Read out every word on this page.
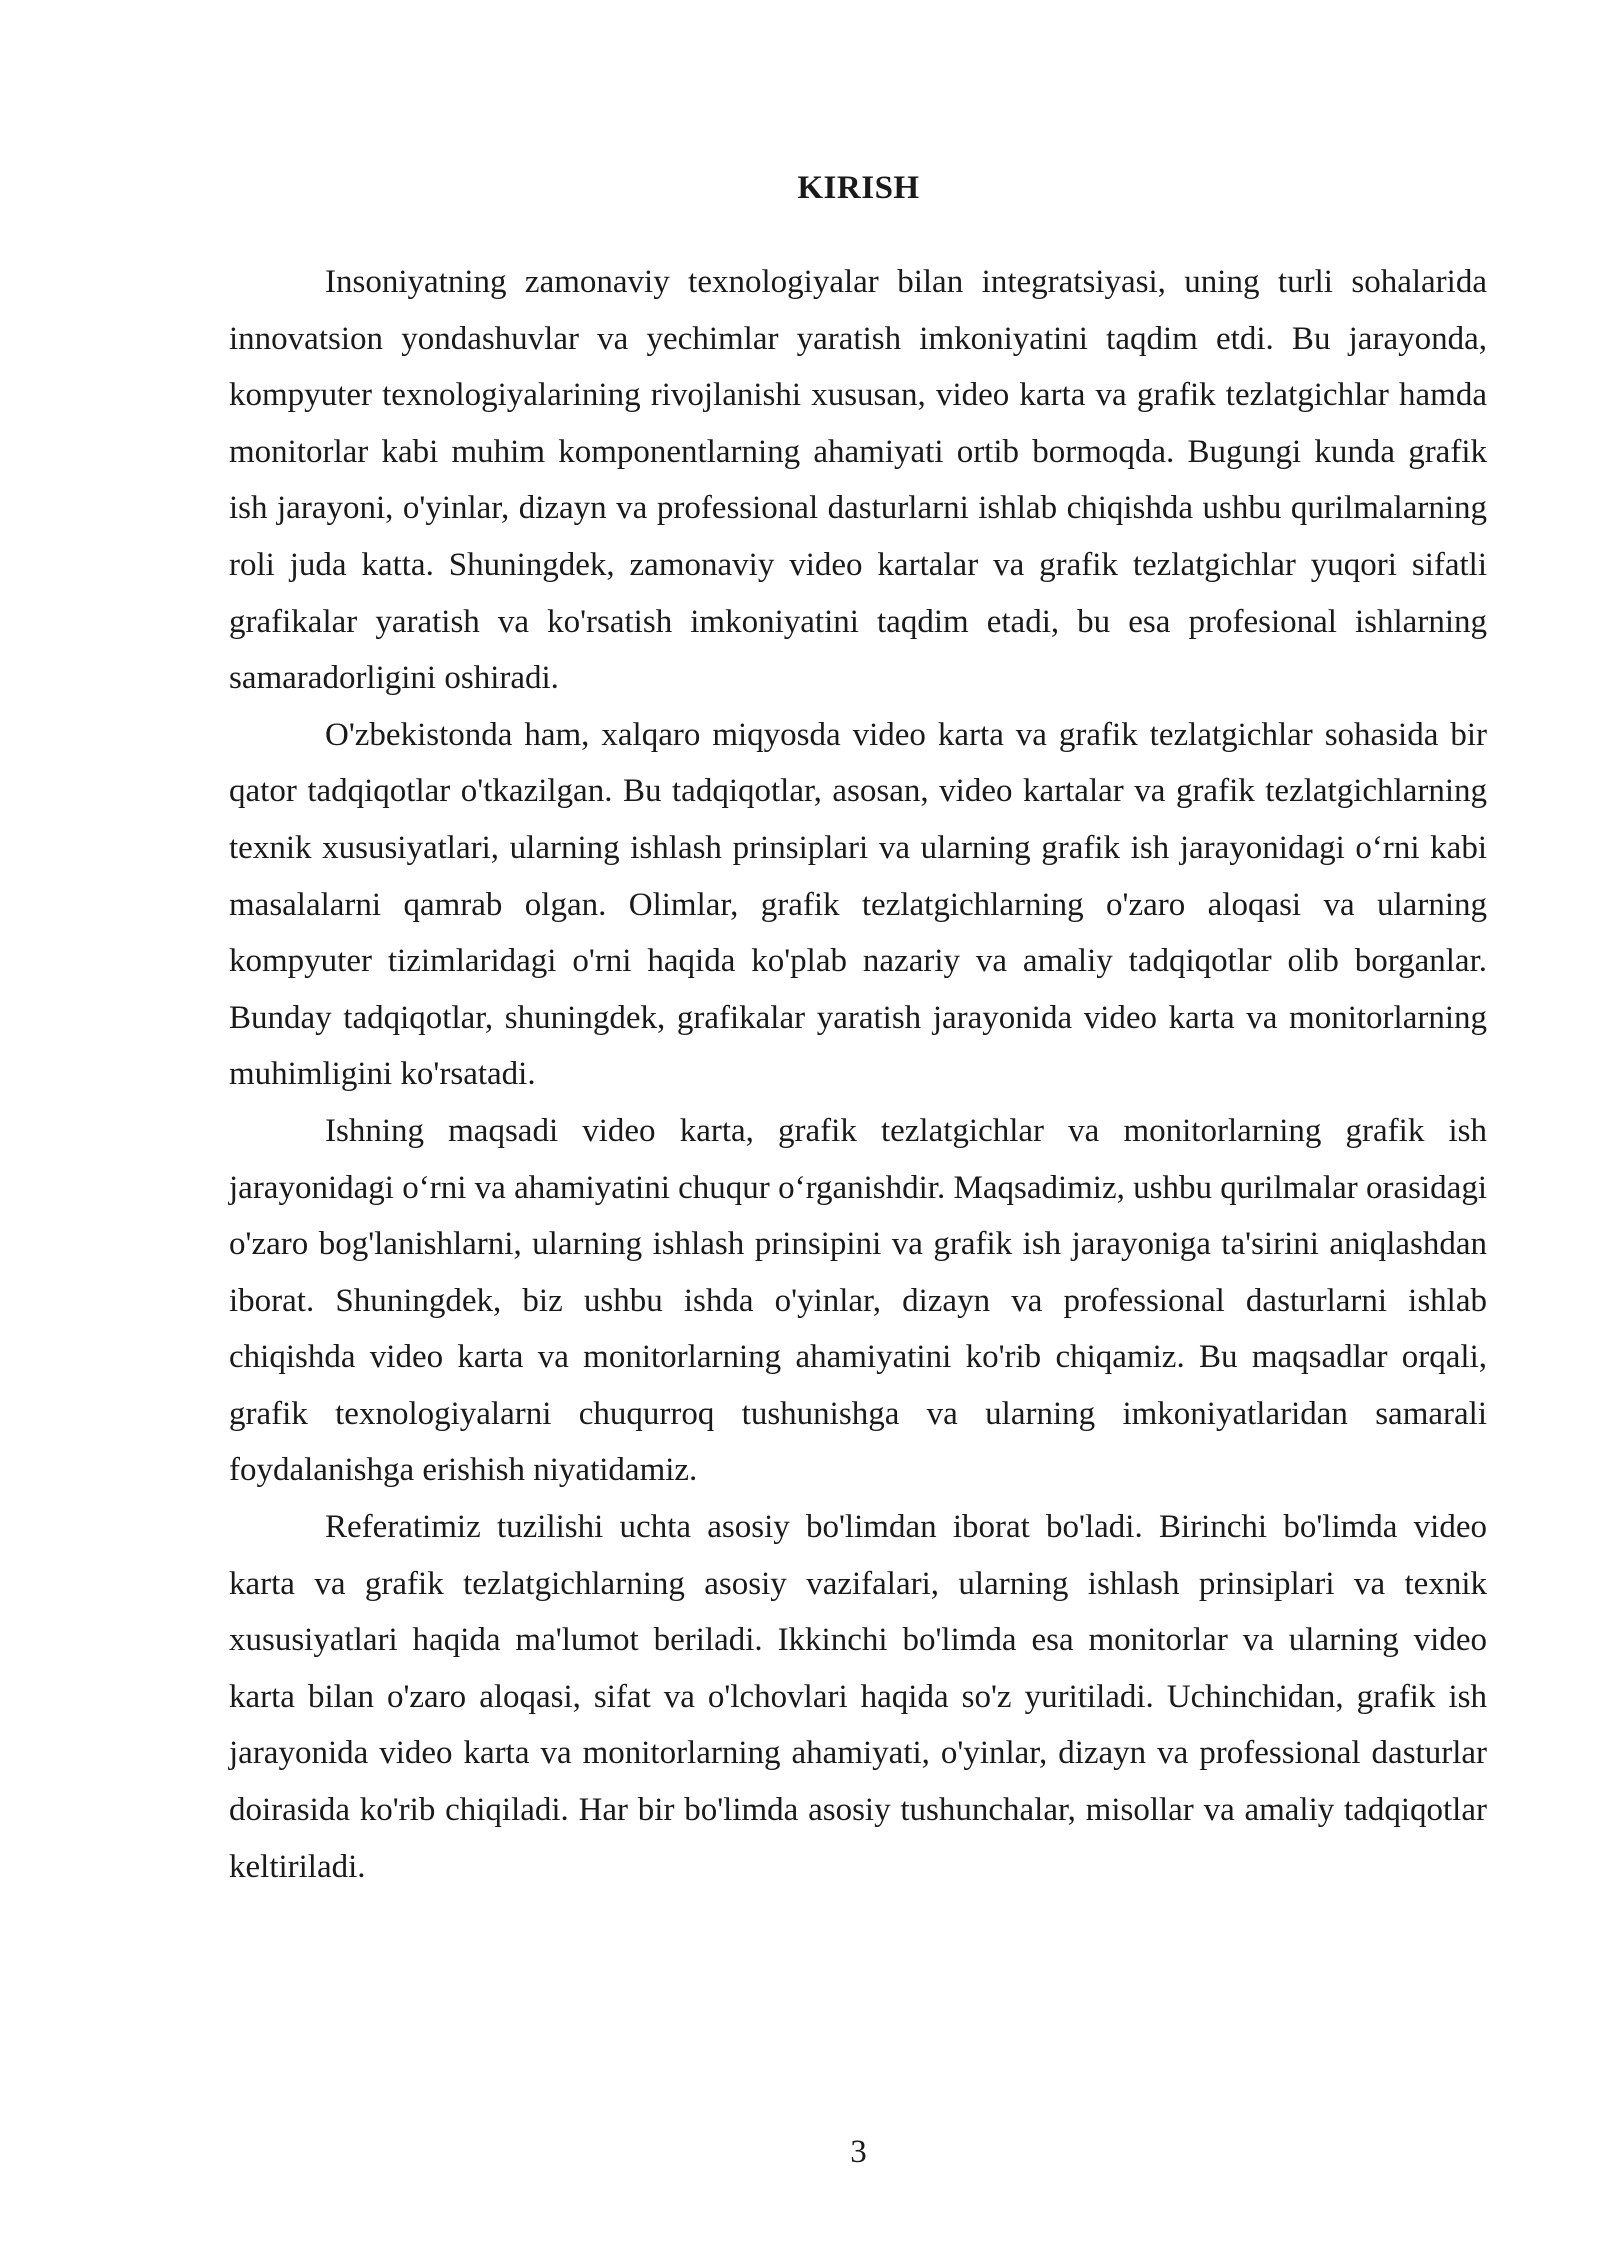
KIRISH

Insoniyatning zamonaviy texnologiyalar bilan integratsiyasi, uning turli sohalarida innovatsion yondashuvlar va yechimlar yaratish imkoniyatini taqdim etdi. Bu jarayonda, kompyuter texnologiyalarining rivojlanishi xususan, video karta va grafik tezlatgichlar hamda monitorlar kabi muhim komponentlarning ahamiyati ortib bormoqda. Bugungi kunda grafik ish jarayoni, o'yinlar, dizayn va professional dasturlarni ishlab chiqishda ushbu qurilmalarning roli juda katta. Shuningdek, zamonaviy video kartalar va grafik tezlatgichlar yuqori sifatli grafikalar yaratish va ko'rsatish imkoniyatini taqdim etadi, bu esa profesional ishlarning samaradorligini oshiradi.

O'zbekistonda ham, xalqaro miqyosda video karta va grafik tezlatgichlar sohasida bir qator tadqiqotlar o'tkazilgan. Bu tadqiqotlar, asosan, video kartalar va grafik tezlatgichlarning texnik xususiyatlari, ularning ishlash prinsiplari va ularning grafik ish jarayonidagi o‘rni kabi masalalarni qamrab olgan. Olimlar, grafik tezlatgichlarning o'zaro aloqasi va ularning kompyuter tizimlaridagi o'rni haqida ko'plab nazariy va amaliy tadqiqotlar olib borganlar. Bunday tadqiqotlar, shuningdek, grafikalar yaratish jarayonida video karta va monitorlarning muhimligini ko'rsatadi.

Ishning maqsadi video karta, grafik tezlatgichlar va monitorlarning grafik ish jarayonidagi o‘rni va ahamiyatini chuqur o‘rganishdir. Maqsadimiz, ushbu qurilmalar orasidagi o'zaro bog'lanishlarni, ularning ishlash prinsipini va grafik ish jarayoniga ta'sirini aniqlashdan iborat. Shuningdek, biz ushbu ishda o'yinlar, dizayn va professional dasturlarni ishlab chiqishda video karta va monitorlarning ahamiyatini ko'rib chiqamiz. Bu maqsadlar orqali, grafik texnologiyalarni chuqurroq tushunishga va ularning imkoniyatlaridan samarali foydalanishga erishish niyatidamiz.

Referatimiz tuzilishi uchta asosiy bo'limdan iborat bo'ladi. Birinchi bo'limda video karta va grafik tezlatgichlarning asosiy vazifalari, ularning ishlash prinsiplari va texnik xususiyatlari haqida ma'lumot beriladi. Ikkinchi bo'limda esa monitorlar va ularning video karta bilan o'zaro aloqasi, sifat va o'lchovlari haqida so'z yuritiladi. Uchinchidan, grafik ish jarayonida video karta va monitorlarning ahamiyati, o'yinlar, dizayn va professional dasturlar doirasida ko'rib chiqiladi. Har bir bo'limda asosiy tushunchalar, misollar va amaliy tadqiqotlar keltiriladi.

3
